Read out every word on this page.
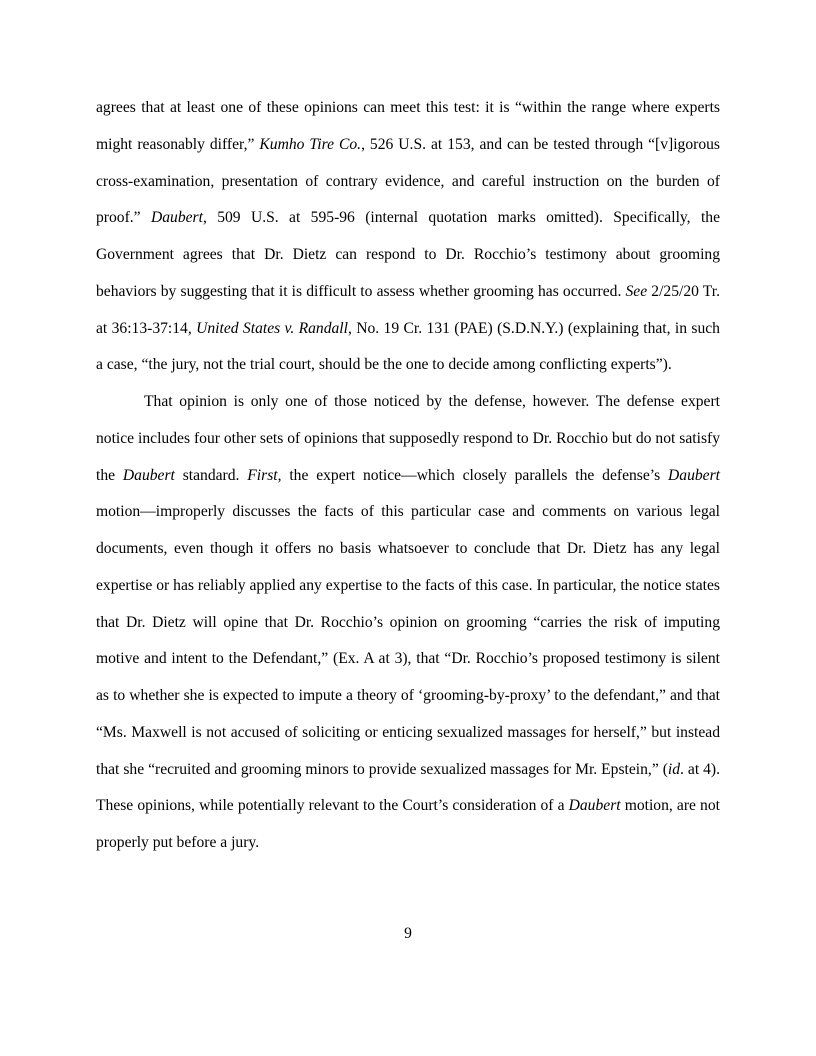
agrees that at least one of these opinions can meet this test: it is “within the range where experts might reasonably differ,” Kumho Tire Co., 526 U.S. at 153, and can be tested through “[v]igorous cross-examination, presentation of contrary evidence, and careful instruction on the burden of proof.” Daubert, 509 U.S. at 595-96 (internal quotation marks omitted). Specifically, the Government agrees that Dr. Dietz can respond to Dr. Rocchio’s testimony about grooming behaviors by suggesting that it is difficult to assess whether grooming has occurred. See 2/25/20 Tr. at 36:13-37:14, United States v. Randall, No. 19 Cr. 131 (PAE) (S.D.N.Y.) (explaining that, in such a case, “the jury, not the trial court, should be the one to decide among conflicting experts”).

That opinion is only one of those noticed by the defense, however. The defense expert notice includes four other sets of opinions that supposedly respond to Dr. Rocchio but do not satisfy the Daubert standard. First, the expert notice—which closely parallels the defense’s Daubert motion—improperly discusses the facts of this particular case and comments on various legal documents, even though it offers no basis whatsoever to conclude that Dr. Dietz has any legal expertise or has reliably applied any expertise to the facts of this case. In particular, the notice states that Dr. Dietz will opine that Dr. Rocchio’s opinion on grooming “carries the risk of imputing motive and intent to the Defendant,” (Ex. A at 3), that “Dr. Rocchio’s proposed testimony is silent as to whether she is expected to impute a theory of ‘grooming-by-proxy’ to the defendant,” and that “Ms. Maxwell is not accused of soliciting or enticing sexualized massages for herself,” but instead that she “recruited and grooming minors to provide sexualized massages for Mr. Epstein,” (id. at 4). These opinions, while potentially relevant to the Court’s consideration of a Daubert motion, are not properly put before a jury.

9
